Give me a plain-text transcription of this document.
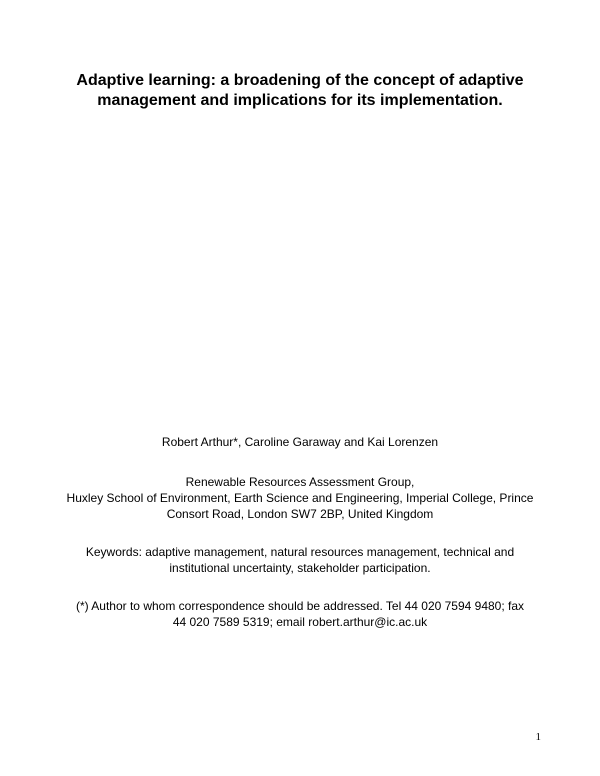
Adaptive learning: a broadening of the concept of adaptive
management and implications for its implementation.
Robert Arthur*, Caroline Garaway and Kai Lorenzen
Renewable Resources Assessment Group,
Huxley School of Environment, Earth Science and Engineering, Imperial College, Prince
Consort Road, London SW7 2BP, United Kingdom
Keywords: adaptive management, natural resources management, technical and
institutional uncertainty, stakeholder participation.
(*) Author to whom correspondence should be addressed. Tel 44 020 7594 9480; fax
44 020 7589 5319; email robert.arthur@ic.ac.uk
1
